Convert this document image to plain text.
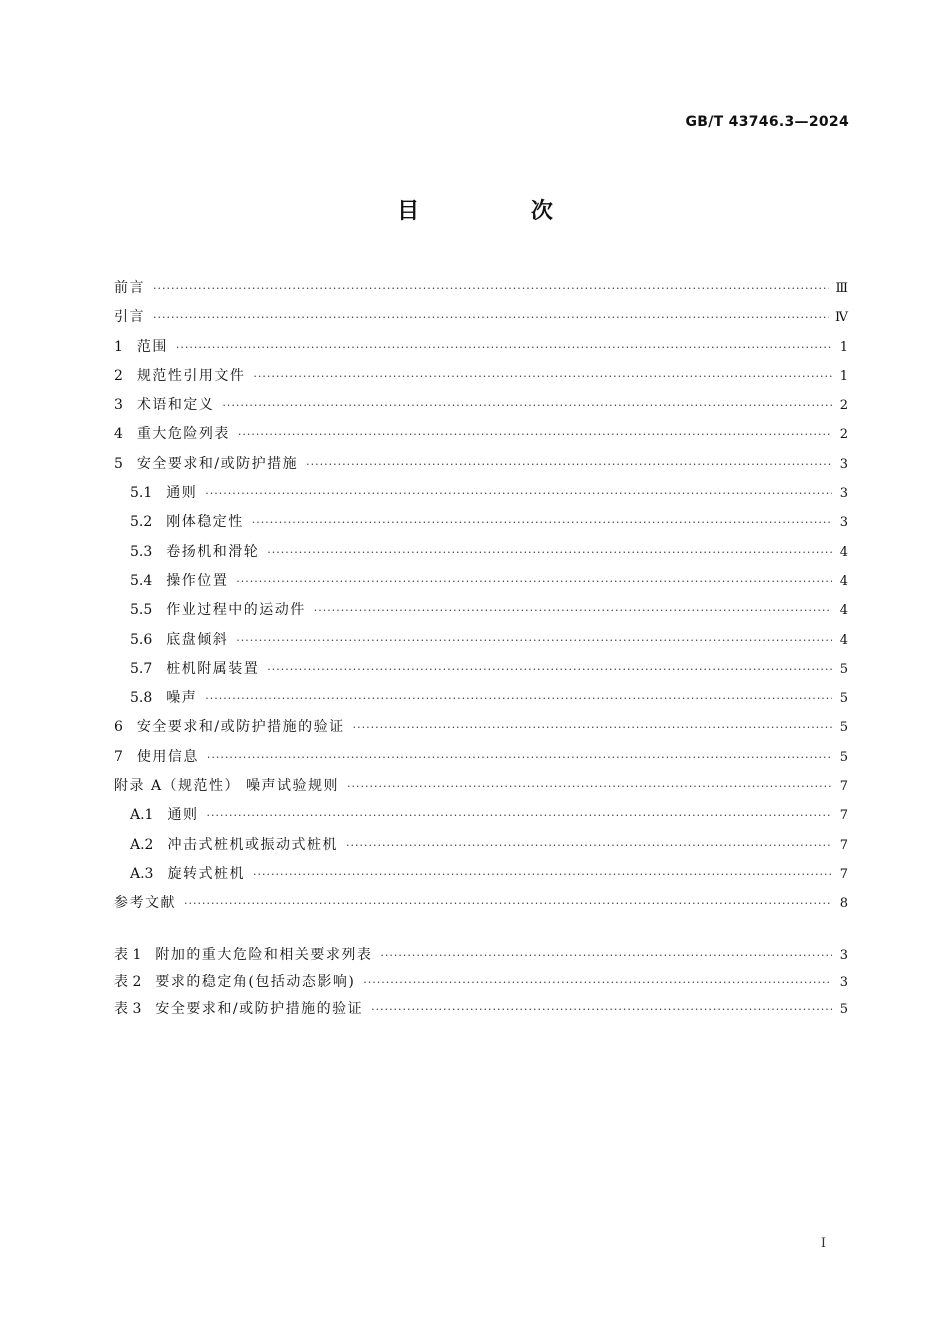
GB/T 43746.3—2024
目 次
前言 ·····	Ⅲ
引言 ·····	Ⅳ
1 范围 ·····	1
2 规范性引用文件 ·····	1
3 术语和定义 ·····	2
4 重大危险列表 ·····	2
5 安全要求和/或防护措施 ·····	3
5.1 通则 ·····	3
5.2 刚体稳定性 ·····	3
5.3 卷扬机和滑轮 ·····	4
5.4 操作位置 ·····	4
5.5 作业过程中的运动件 ·····	4
5.6 底盘倾斜 ·····	4
5.7 桩机附属装置 ·····	5
5.8 噪声 ·····	5
6 安全要求和/或防护措施的验证 ·····	5
7 使用信息 ·····	5
附录 A（规范性） 噪声试验规则 ·····	7
A.1 通则 ·····	7
A.2 冲击式桩机或振动式桩机 ·····	7
A.3 旋转式桩机 ·····	7
参考文献 ·····	8
表 1 附加的重大危险和相关要求列表 ·····	3
表 2 要求的稳定角(包括动态影响) ·····	3
表 3 安全要求和/或防护措施的验证 ·····	5
Ⅰ
